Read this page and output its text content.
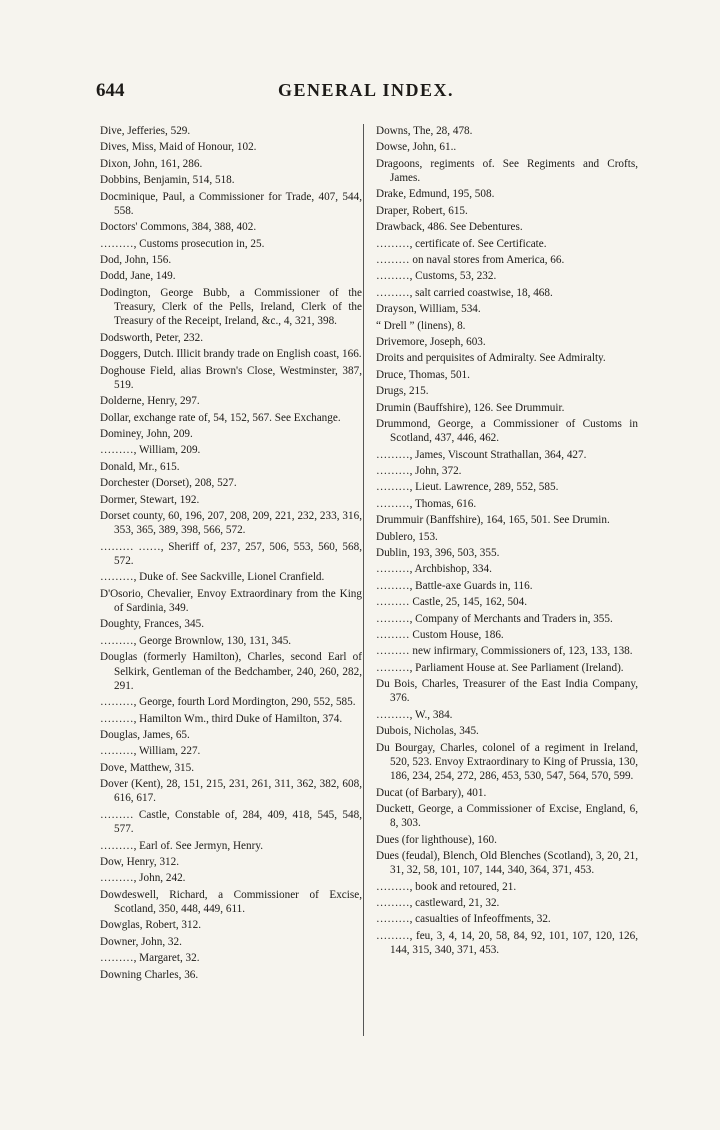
644	GENERAL INDEX.
Dive, Jefferies, 529.
Dives, Miss, Maid of Honour, 102.
Dixon, John, 161, 286.
Dobbins, Benjamin, 514, 518.
Docminique, Paul, a Commissioner for Trade, 407, 544, 558.
Doctors' Commons, 384, 388, 402.
………, Customs prosecution in, 25.
Dod, John, 156.
Dodd, Jane, 149.
Dodington, George Bubb, a Commissioner of the Treasury, Clerk of the Pells, Ireland, Clerk of the Treasury of the Receipt, Ireland, &c., 4, 321, 398.
Dodsworth, Peter, 232.
Doggers, Dutch. Illicit brandy trade on English coast, 166.
Doghouse Field, alias Brown's Close, Westminster, 387, 519.
Dolderne, Henry, 297.
Dollar, exchange rate of, 54, 152, 567. See Exchange.
Dominey, John, 209.
………, William, 209.
Donald, Mr., 615.
Dorchester (Dorset), 208, 527.
Dormer, Stewart, 192.
Dorset county, 60, 196, 207, 208, 209, 221, 232, 233, 316, 353, 365, 389, 398, 566, 572.
……… ……, Sheriff of, 237, 257, 506, 553, 560, 568, 572.
………, Duke of. See Sackville, Lionel Cranfield.
D'Osorio, Chevalier, Envoy Extraordinary from the King of Sardinia, 349.
Doughty, Frances, 345.
………, George Brownlow, 130, 131, 345.
Douglas (formerly Hamilton), Charles, second Earl of Selkirk, Gentleman of the Bedchamber, 240, 260, 282, 291.
………, George, fourth Lord Mordington, 290, 552, 585.
………, Hamilton Wm., third Duke of Hamilton, 374.
Douglas, James, 65.
………, William, 227.
Dove, Matthew, 315.
Dover (Kent), 28, 151, 215, 231, 261, 311, 362, 382, 608, 616, 617.
……… Castle, Constable of, 284, 409, 418, 545, 548, 577.
………, Earl of. See Jermyn, Henry.
Dow, Henry, 312.
………, John, 242.
Dowdeswell, Richard, a Commissioner of Excise, Scotland, 350, 448, 449, 611.
Dowglas, Robert, 312.
Downer, John, 32.
………, Margaret, 32.
Downing Charles, 36.
Downs, The, 28, 478.
Dowse, John, 61..
Dragoons, regiments of. See Regiments and Crofts, James.
Drake, Edmund, 195, 508.
Draper, Robert, 615.
Drawback, 486. See Debentures.
………, certificate of. See Certificate.
……… on naval stores from America, 66.
………, Customs, 53, 232.
………, salt carried coastwise, 18, 468.
Drayson, William, 534.
“ Drell ” (linens), 8.
Drivemore, Joseph, 603.
Droits and perquisites of Admiralty. See Admiralty.
Druce, Thomas, 501.
Drugs, 215.
Drumin (Bauffshire), 126. See Drummuir.
Drummond, George, a Commissioner of Customs in Scotland, 437, 446, 462.
………, James, Viscount Strathallan, 364, 427.
………, John, 372.
………, Lieut. Lawrence, 289, 552, 585.
………, Thomas, 616.
Drummuir (Banffshire), 164, 165, 501. See Drumin.
Dublero, 153.
Dublin, 193, 396, 503, 355.
………, Archbishop, 334.
………, Battle-axe Guards in, 116.
……… Castle, 25, 145, 162, 504.
………, Company of Merchants and Traders in, 355.
……… Custom House, 186.
……… new infirmary, Commissioners of, 123, 133, 138.
………, Parliament House at. See Parliament (Ireland).
Du Bois, Charles, Treasurer of the East India Company, 376.
………, W., 384.
Dubois, Nicholas, 345.
Du Bourgay, Charles, colonel of a regiment in Ireland, 520, 523. Envoy Extraordinary to King of Prussia, 130, 186, 234, 254, 272, 286, 453, 530, 547, 564, 570, 599.
Ducat (of Barbary), 401.
Duckett, George, a Commissioner of Excise, England, 6, 8, 303.
Dues (for lighthouse), 160.
Dues (feudal), Blench, Old Blenches (Scotland), 3, 20, 21, 31, 32, 58, 101, 107, 144, 340, 364, 371, 453.
………, book and retoured, 21.
………, castleward, 21, 32.
………, casualties of Infeoffments, 32.
………, feu, 3, 4, 14, 20, 58, 84, 92, 101, 107, 120, 126, 144, 315, 340, 371, 453.
